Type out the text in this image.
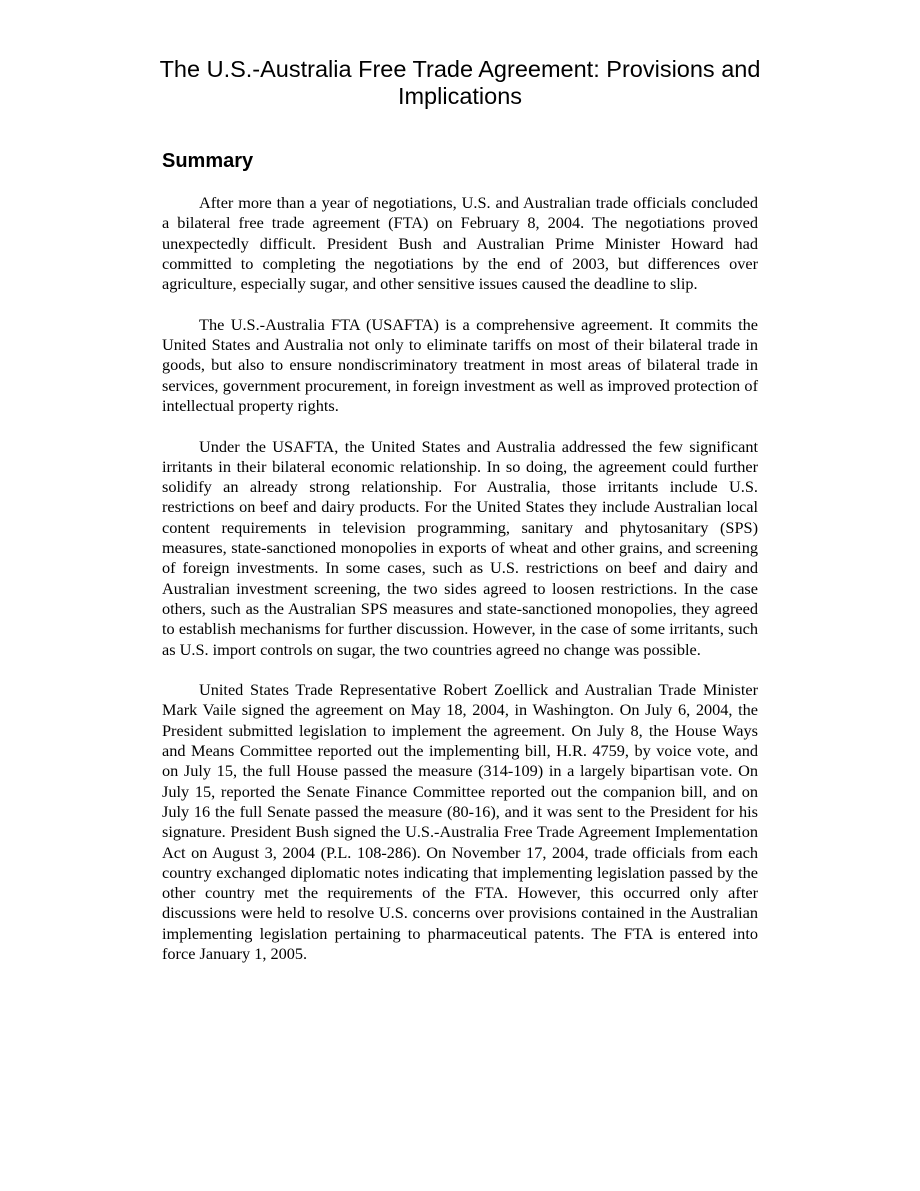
The U.S.-Australia Free Trade Agreement: Provisions and Implications
Summary

After more than a year of negotiations, U.S. and Australian trade officials concluded a bilateral free trade agreement (FTA) on February 8, 2004. The negotiations proved unexpectedly difficult. President Bush and Australian Prime Minister Howard had committed to completing the negotiations by the end of 2003, but differences over agriculture, especially sugar, and other sensitive issues caused the deadline to slip.

The U.S.-Australia FTA (USAFTA) is a comprehensive agreement. It commits the United States and Australia not only to eliminate tariffs on most of their bilateral trade in goods, but also to ensure nondiscriminatory treatment in most areas of bilateral trade in services, government procurement, in foreign investment as well as improved protection of intellectual property rights.

Under the USAFTA, the United States and Australia addressed the few significant irritants in their bilateral economic relationship. In so doing, the agreement could further solidify an already strong relationship. For Australia, those irritants include U.S. restrictions on beef and dairy products. For the United States they include Australian local content requirements in television programming, sanitary and phytosanitary (SPS) measures, state-sanctioned monopolies in exports of wheat and other grains, and screening of foreign investments. In some cases, such as U.S. restrictions on beef and dairy and Australian investment screening, the two sides agreed to loosen restrictions. In the case others, such as the Australian SPS measures and state-sanctioned monopolies, they agreed to establish mechanisms for further discussion. However, in the case of some irritants, such as U.S. import controls on sugar, the two countries agreed no change was possible.

United States Trade Representative Robert Zoellick and Australian Trade Minister Mark Vaile signed the agreement on May 18, 2004, in Washington. On July 6, 2004, the President submitted legislation to implement the agreement. On July 8, the House Ways and Means Committee reported out the implementing bill, H.R. 4759, by voice vote, and on July 15, the full House passed the measure (314-109) in a largely bipartisan vote. On July 15, reported the Senate Finance Committee reported out the companion bill, and on July 16 the full Senate passed the measure (80-16), and it was sent to the President for his signature. President Bush signed the U.S.-Australia Free Trade Agreement Implementation Act on August 3, 2004 (P.L. 108-286). On November 17, 2004, trade officials from each country exchanged diplomatic notes indicating that implementing legislation passed by the other country met the requirements of the FTA. However, this occurred only after discussions were held to resolve U.S. concerns over provisions contained in the Australian implementing legislation pertaining to pharmaceutical patents. The FTA is entered into force January 1, 2005.
